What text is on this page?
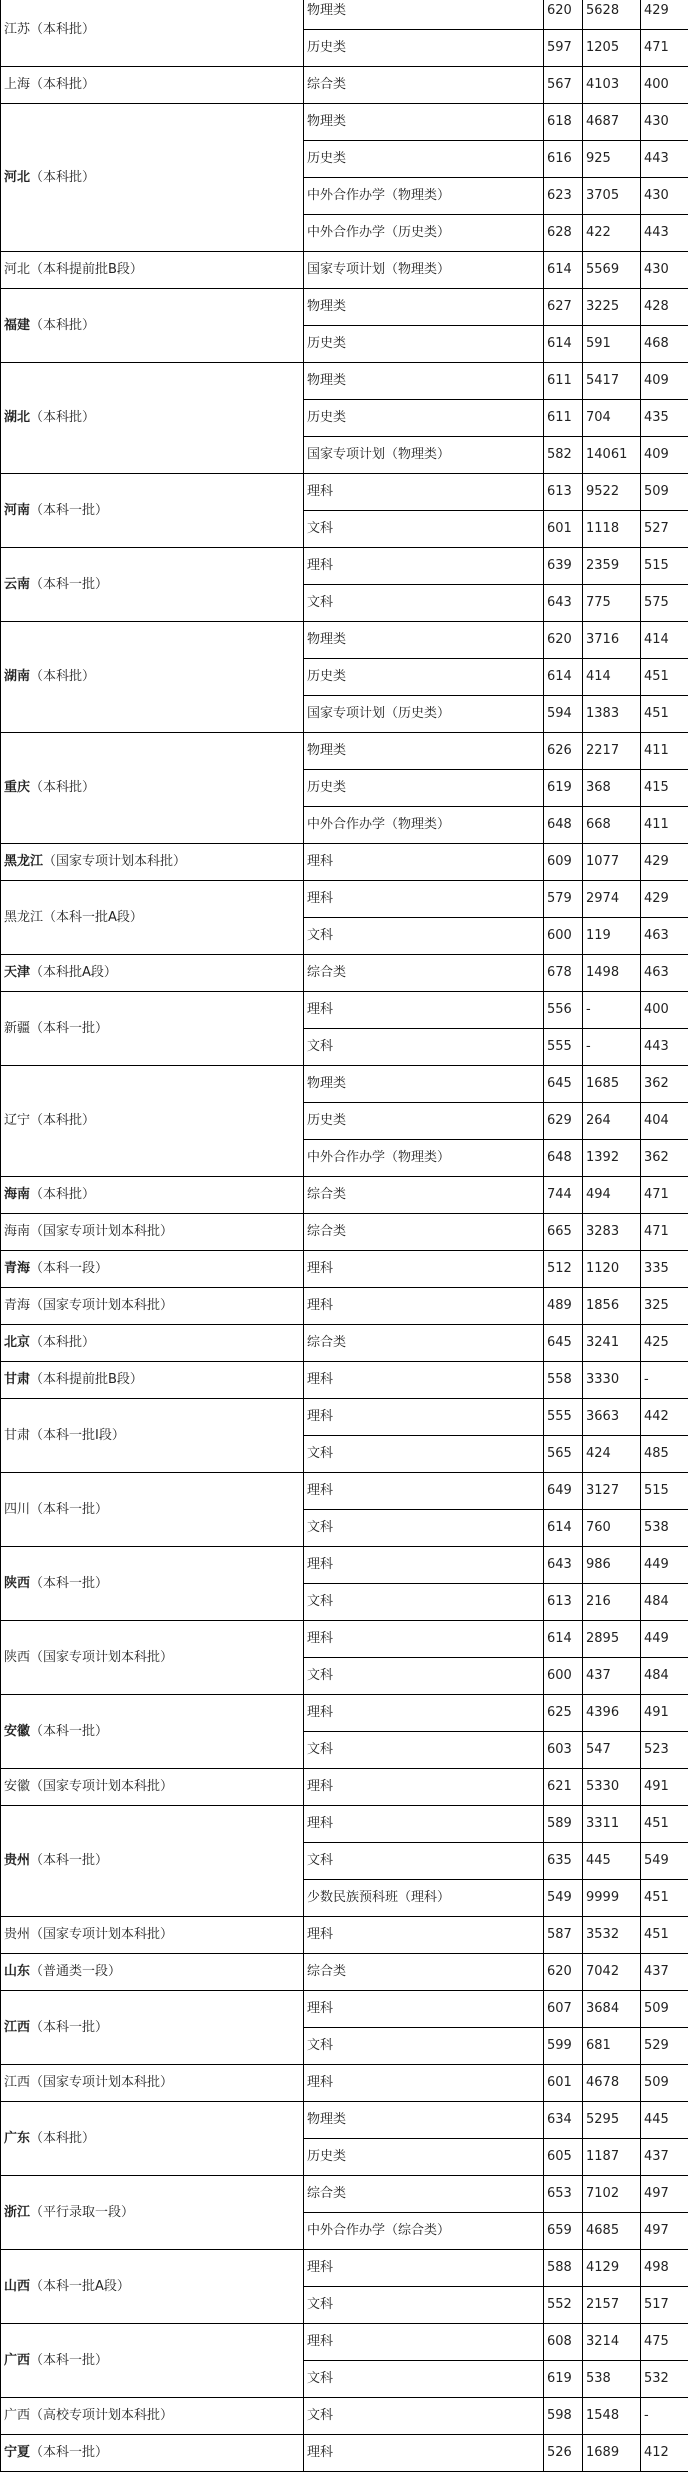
江苏（本科批）	物理类	620	5628	429
	历史类	597	1205	471
上海（本科批）	综合类	567	4103	400
河北（本科批）	物理类	618	4687	430
	历史类	616	925	443
	中外合作办学（物理类）	623	3705	430
	中外合作办学（历史类）	628	422	443
河北（本科提前批B段）	国家专项计划（物理类）	614	5569	430
福建（本科批）	物理类	627	3225	428
	历史类	614	591	468
湖北（本科批）	物理类	611	5417	409
	历史类	611	704	435
	国家专项计划（物理类）	582	14061	409
河南（本科一批）	理科	613	9522	509
	文科	601	1118	527
云南（本科一批）	理科	639	2359	515
	文科	643	775	575
湖南（本科批）	物理类	620	3716	414
	历史类	614	414	451
	国家专项计划（历史类）	594	1383	451
重庆（本科批）	物理类	626	2217	411
	历史类	619	368	415
	中外合作办学（物理类）	648	668	411
黑龙江（国家专项计划本科批）	理科	609	1077	429
黑龙江（本科一批A段）	理科	579	2974	429
	文科	600	119	463
天津（本科批A段）	综合类	678	1498	463
新疆（本科一批）	理科	556	-	400
	文科	555	-	443
辽宁（本科批）	物理类	645	1685	362
	历史类	629	264	404
	中外合作办学（物理类）	648	1392	362
海南（本科批）	综合类	744	494	471
海南（国家专项计划本科批）	综合类	665	3283	471
青海（本科一段）	理科	512	1120	335
青海（国家专项计划本科批）	理科	489	1856	325
北京（本科批）	综合类	645	3241	425
甘肃（本科提前批B段）	理科	558	3330	-
甘肃（本科一批I段）	理科	555	3663	442
	文科	565	424	485
四川（本科一批）	理科	649	3127	515
	文科	614	760	538
陕西（本科一批）	理科	643	986	449
	文科	613	216	484
陕西（国家专项计划本科批）	理科	614	2895	449
	文科	600	437	484
安徽（本科一批）	理科	625	4396	491
	文科	603	547	523
安徽（国家专项计划本科批）	理科	621	5330	491
贵州（本科一批）	理科	589	3311	451
	文科	635	445	549
	少数民族预科班（理科）	549	9999	451
贵州（国家专项计划本科批）	理科	587	3532	451
山东（普通类一段）	综合类	620	7042	437
江西（本科一批）	理科	607	3684	509
	文科	599	681	529
江西（国家专项计划本科批）	理科	601	4678	509
广东（本科批）	物理类	634	5295	445
	历史类	605	1187	437
浙江（平行录取一段）	综合类	653	7102	497
	中外合作办学（综合类）	659	4685	497
山西（本科一批A段）	理科	588	4129	498
	文科	552	2157	517
广西（本科一批）	理科	608	3214	475
	文科	619	538	532
广西（高校专项计划本科批）	文科	598	1548	-
宁夏（本科一批）	理科	526	1689	412
